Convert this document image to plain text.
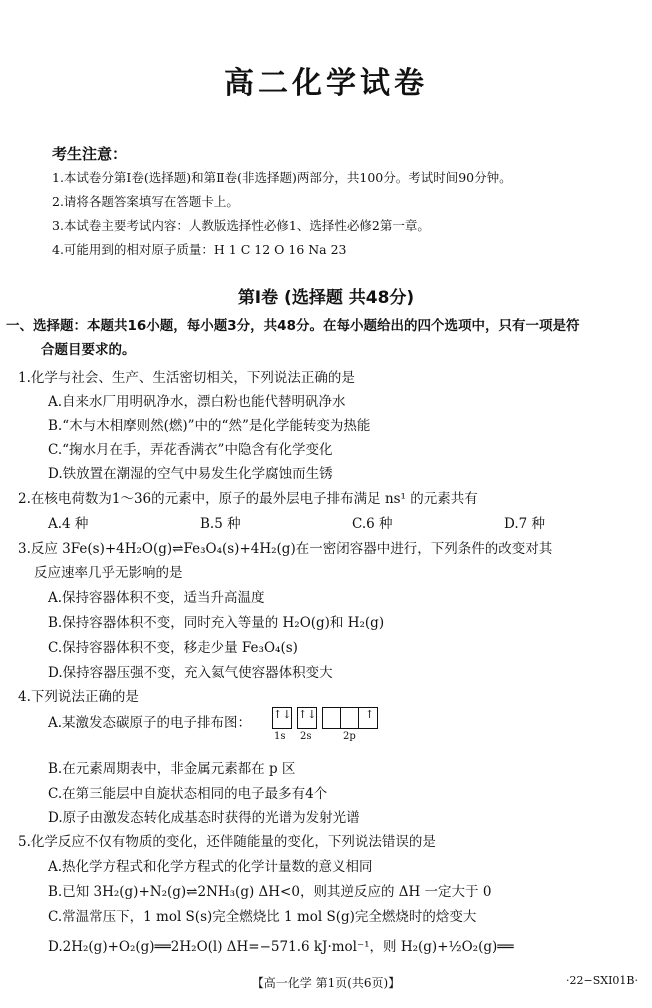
高二化学试卷
考生注意：
1.本试卷分第Ⅰ卷(选择题)和第Ⅱ卷(非选择题)两部分，共100分。考试时间90分钟。
2.请将各题答案填写在答题卡上。
3.本试卷主要考试内容：人教版选择性必修1、选择性必修2第一章。
4.可能用到的相对原子质量：H 1 C 12 O 16 Na 23
第Ⅰ卷 (选择题 共48分)
一、选择题：本题共16小题，每小题3分，共48分。在每小题给出的四个选项中，只有一项是符
合题目要求的。
1.化学与社会、生产、生活密切相关，下列说法正确的是
A.自来水厂用明矾净水，漂白粉也能代替明矾净水
B.“木与木相摩则然(燃)”中的“然”是化学能转变为热能
C.“掬水月在手，弄花香满衣”中隐含有化学变化
D.铁放置在潮湿的空气中易发生化学腐蚀而生锈
2.在核电荷数为1～36的元素中，原子的最外层电子排布满足 ns¹ 的元素共有
A.4 种	B.5 种	C.6 种	D.7 种
3.反应 3Fe(s)+4H₂O(g)⇌Fe₃O₄(s)+4H₂(g)在一密闭容器中进行，下列条件的改变对其
反应速率几乎无影响的是
A.保持容器体积不变，适当升高温度
B.保持容器体积不变，同时充入等量的 H₂O(g)和 H₂(g)
C.保持容器体积不变，移走少量 Fe₃O₄(s)
D.保持容器压强不变，充入氦气使容器体积变大
4.下列说法正确的是
A.某激发态碳原子的电子排布图：
↑↓ ↑↓	↑
1s 2s	2p
B.在元素周期表中，非金属元素都在 p 区
C.在第三能层中自旋状态相同的电子最多有4个
D.原子由激发态转化成基态时获得的光谱为发射光谱
5.化学反应不仅有物质的变化，还伴随能量的变化，下列说法错误的是
A.热化学方程式和化学方程式的化学计量数的意义相同
B.已知 3H₂(g)+N₂(g)⇌2NH₃(g) ΔH<0，则其逆反应的 ΔH 一定大于 0
C.常温常压下，1 mol S(s)完全燃烧比 1 mol S(g)完全燃烧时的焓变大
D.2H₂(g)+O₂(g)══2H₂O(l) ΔH=−571.6 kJ·mol⁻¹，则 H₂(g)+½O₂(g)══
【高一化学 第1页(共6页)】	·22−SXI01B·
